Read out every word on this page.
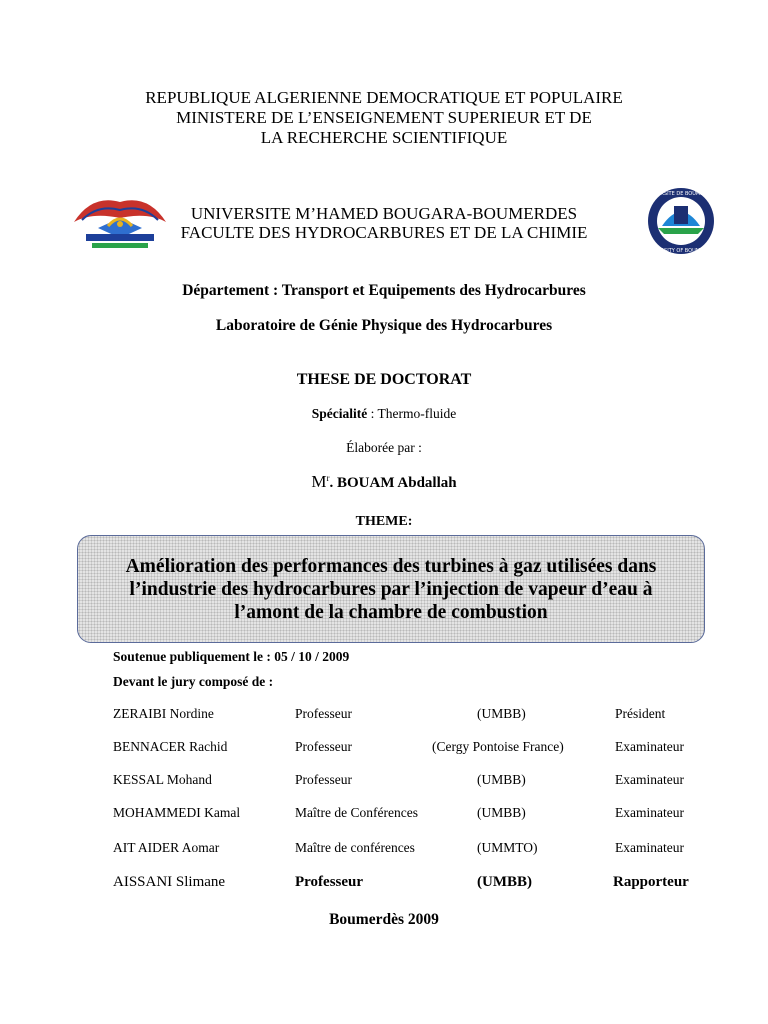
REPUBLIQUE ALGERIENNE DEMOCRATIQUE ET POPULAIRE
MINISTERE DE L’ENSEIGNEMENT SUPERIEUR ET DE
LA RECHERCHE SCIENTIFIQUE
UNIVERSITE M’HAMED BOUGARA-BOUMERDES
FACULTE DES HYDROCARBURES ET DE LA CHIMIE
UNIVERSITE DE BOUMERDES
UNIVERSITY OF BOUMERDES
Département : Transport et Equipements des Hydrocarbures
Laboratoire de Génie Physique des Hydrocarbures
THESE DE DOCTORAT
Spécialité : Thermo-fluide
Élaborée par :
$M^r$. BOUAM Abdallah
THEME:
Amélioration des performances des turbines à gaz utilisées dans
l’industrie des hydrocarbures par l’injection de vapeur d’eau à
l’amont de la chambre de combustion
Soutenue publiquement le : 05 / 10 / 2009
Devant le jury composé de :
ZERAIBI Nordine	Professeur	(UMBB)	Président
BENNACER Rachid	Professeur	(Cergy Pontoise France)	Examinateur
KESSAL Mohand	Professeur	(UMBB)	Examinateur
MOHAMMEDI Kamal	Maître de Conférences	(UMBB)	Examinateur
AIT AIDER Aomar	Maître de conférences	(UMMTO)	Examinateur
AISSANI Slimane	Professeur	(UMBB)	Rapporteur
Boumerdès 2009
